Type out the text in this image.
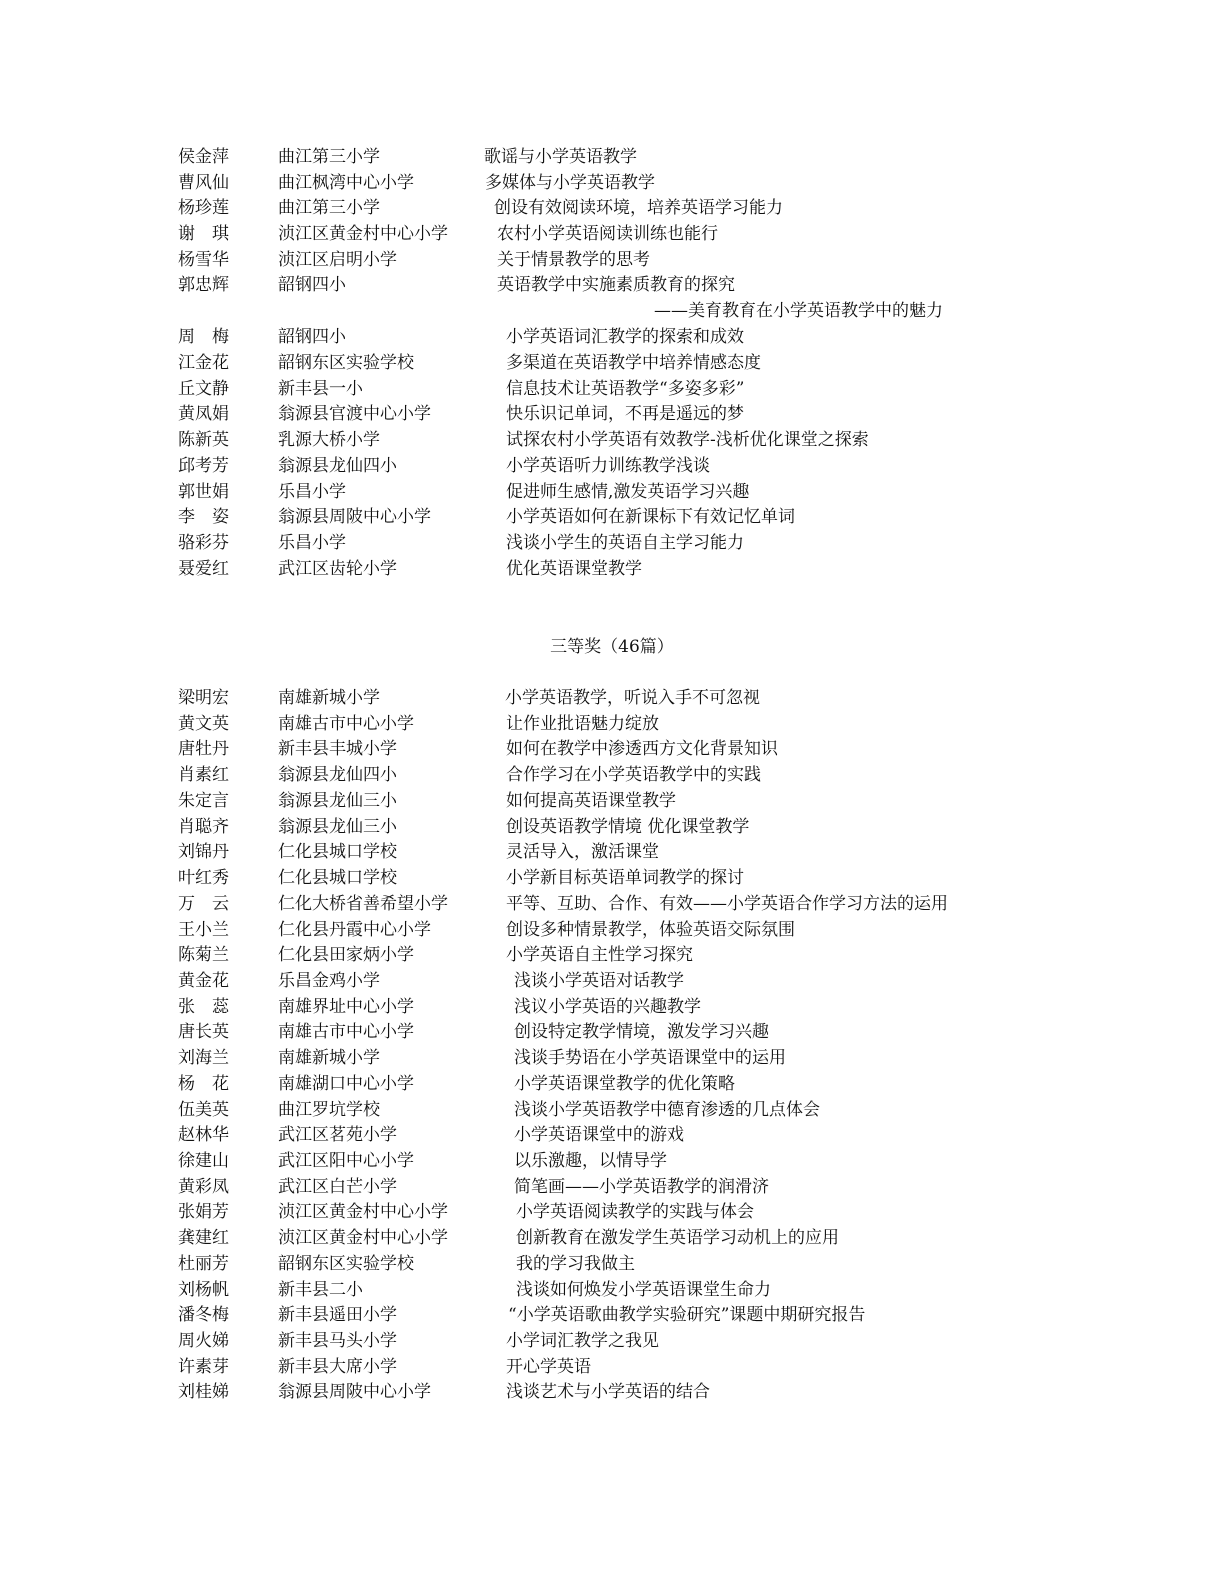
侯金萍	曲江第三小学	歌谣与小学英语教学
曹风仙	曲江枫湾中心小学	多媒体与小学英语教学
杨珍莲	曲江第三小学	创设有效阅读环境，培养英语学习能力
谢　琪	浈江区黄金村中心小学	农村小学英语阅读训练也能行
杨雪华	浈江区启明小学	关于情景教学的思考
郭忠辉	韶钢四小	英语教学中实施素质教育的探究
——美育教育在小学英语教学中的魅力
周　梅	韶钢四小	小学英语词汇教学的探索和成效
江金花	韶钢东区实验学校	多渠道在英语教学中培养情感态度
丘文静	新丰县一小	信息技术让英语教学“多姿多彩”
黄凤娟	翁源县官渡中心小学	快乐识记单词，不再是遥远的梦
陈新英	乳源大桥小学	试探农村小学英语有效教学-浅析优化课堂之探索
邱考芳	翁源县龙仙四小	小学英语听力训练教学浅谈
郭世娟	乐昌小学	促进师生感情,激发英语学习兴趣
李　姿	翁源县周陂中心小学	小学英语如何在新课标下有效记忆单词
骆彩芬	乐昌小学	浅谈小学生的英语自主学习能力
聂爱红	武江区齿轮小学	优化英语课堂教学
三等奖（46篇）
梁明宏	南雄新城小学	小学英语教学，听说入手不可忽视
黄文英	南雄古市中心小学	让作业批语魅力绽放
唐牡丹	新丰县丰城小学	如何在教学中渗透西方文化背景知识
肖素红	翁源县龙仙四小	合作学习在小学英语教学中的实践
朱定言	翁源县龙仙三小	如何提高英语课堂教学
肖聪齐	翁源县龙仙三小	创设英语教学情境 优化课堂教学
刘锦丹	仁化县城口学校	灵活导入，激活课堂
叶红秀	仁化县城口学校	小学新目标英语单词教学的探讨
万　云	仁化大桥省善希望小学	平等、互助、合作、有效——小学英语合作学习方法的运用
王小兰	仁化县丹霞中心小学	创设多种情景教学，体验英语交际氛围
陈菊兰	仁化县田家炳小学	小学英语自主性学习探究
黄金花	乐昌金鸡小学	浅谈小学英语对话教学
张　蕊	南雄界址中心小学	浅议小学英语的兴趣教学
唐长英	南雄古市中心小学	创设特定教学情境，激发学习兴趣
刘海兰	南雄新城小学	浅谈手势语在小学英语课堂中的运用
杨　花	南雄湖口中心小学	小学英语课堂教学的优化策略
伍美英	曲江罗坑学校	浅谈小学英语教学中德育渗透的几点体会
赵林华	武江区茗苑小学	小学英语课堂中的游戏
徐建山	武江区阳中心小学	以乐激趣，以情导学
黄彩凤	武江区白芒小学	简笔画——小学英语教学的润滑济
张娟芳	浈江区黄金村中心小学	小学英语阅读教学的实践与体会
龚建红	浈江区黄金村中心小学	创新教育在激发学生英语学习动机上的应用
杜丽芳	韶钢东区实验学校	我的学习我做主
刘杨帆	新丰县二小	浅谈如何焕发小学英语课堂生命力
潘冬梅	新丰县遥田小学	“小学英语歌曲教学实验研究”课题中期研究报告
周火娣	新丰县马头小学	小学词汇教学之我见
许素芽	新丰县大席小学	开心学英语
刘桂娣	翁源县周陂中心小学	浅谈艺术与小学英语的结合
